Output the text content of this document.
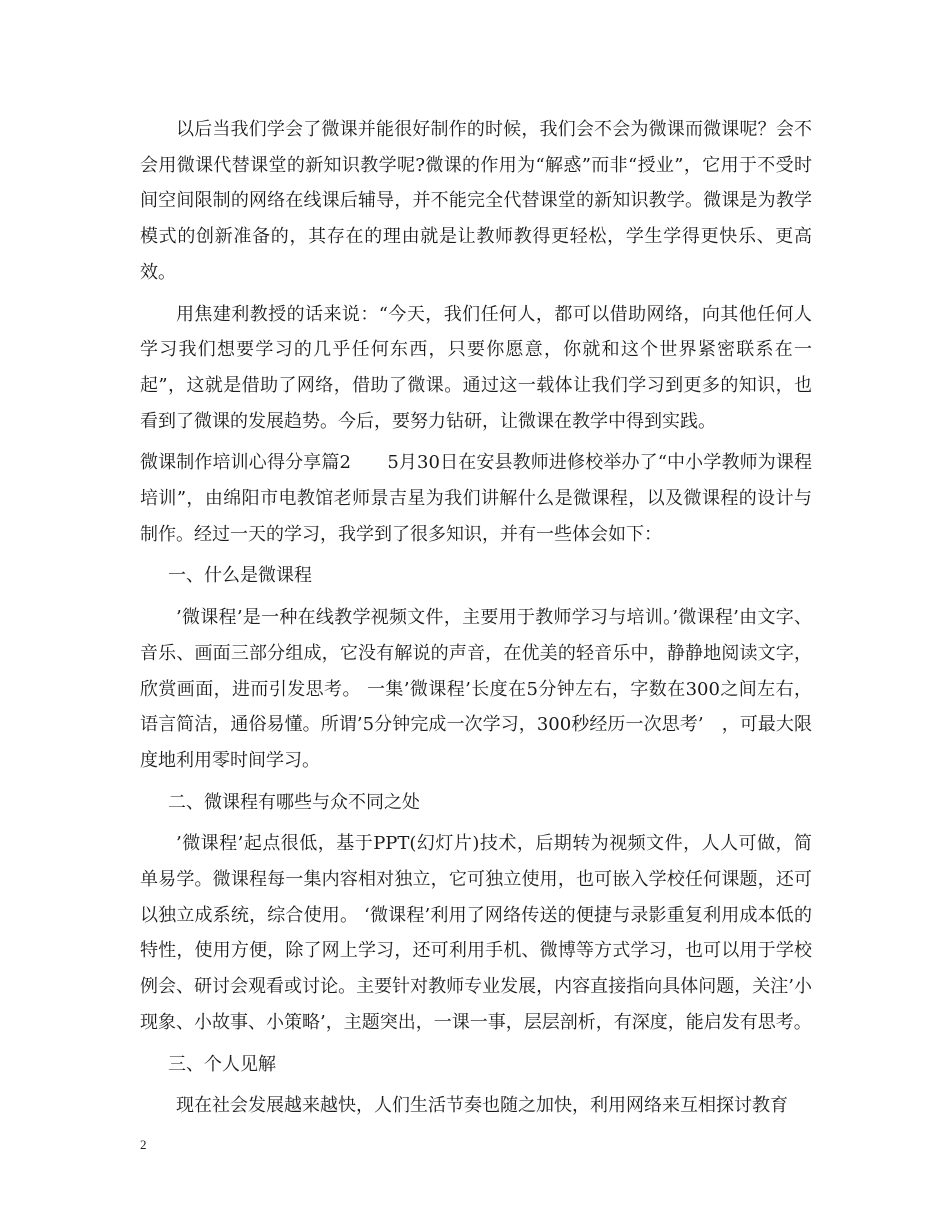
以后当我们学会了微课并能很好制作的时候，我们会不会为微课而微课呢？会不会用微课代替课堂的新知识教学呢?微课的作用为“解惑”而非“授业”，它用于不受时间空间限制的网络在线课后辅导，并不能完全代替课堂的新知识教学。微课是为教学模式的创新准备的，其存在的理由就是让教师教得更轻松，学生学得更快乐、更高效。

用焦建利教授的话来说：“今天，我们任何人，都可以借助网络，向其他任何人学习我们想要学习的几乎任何东西，只要你愿意，你就和这个世界紧密联系在一起”，这就是借助了网络，借助了微课。通过这一载体让我们学习到更多的知识，也看到了微课的发展趋势。今后，要努力钻研，让微课在教学中得到实践。

微课制作培训心得分享篇2　　5月30日在安县教师进修校举办了“中小学教师为课程培训”，由绵阳市电教馆老师景吉星为我们讲解什么是微课程，以及微课程的设计与制作。经过一天的学习，我学到了很多知识，并有一些体会如下：

一、什么是微课程

’微课程’是一种在线教学视频文件，主要用于教师学习与培训。’微课程’由文字、音乐、画面三部分组成，它没有解说的声音，在优美的轻音乐中，静静地阅读文字，欣赏画面，进而引发思考。 一集’微课程’长度在5分钟左右，字数在300之间左右，语言简洁，通俗易懂。所谓’5分钟完成一次学习，300秒经历一次思考’　，可最大限度地利用零时间学习。

二、微课程有哪些与众不同之处

’微课程’起点很低，基于PPT(幻灯片)技术，后期转为视频文件，人人可做，简单易学。微课程每一集内容相对独立，它可独立使用，也可嵌入学校任何课题，还可以独立成系统，综合使用。 ‘微课程’利用了网络传送的便捷与录影重复利用成本低的特性，使用方便，除了网上学习，还可利用手机、微博等方式学习，也可以用于学校例会、研讨会观看或讨论。主要针对教师专业发展，内容直接指向具体问题，关注’小现象、小故事、小策略’，主题突出，一课一事，层层剖析，有深度，能启发有思考。

三、个人见解

现在社会发展越来越快，人们生活节奏也随之加快，利用网络来互相探讨教育

2
